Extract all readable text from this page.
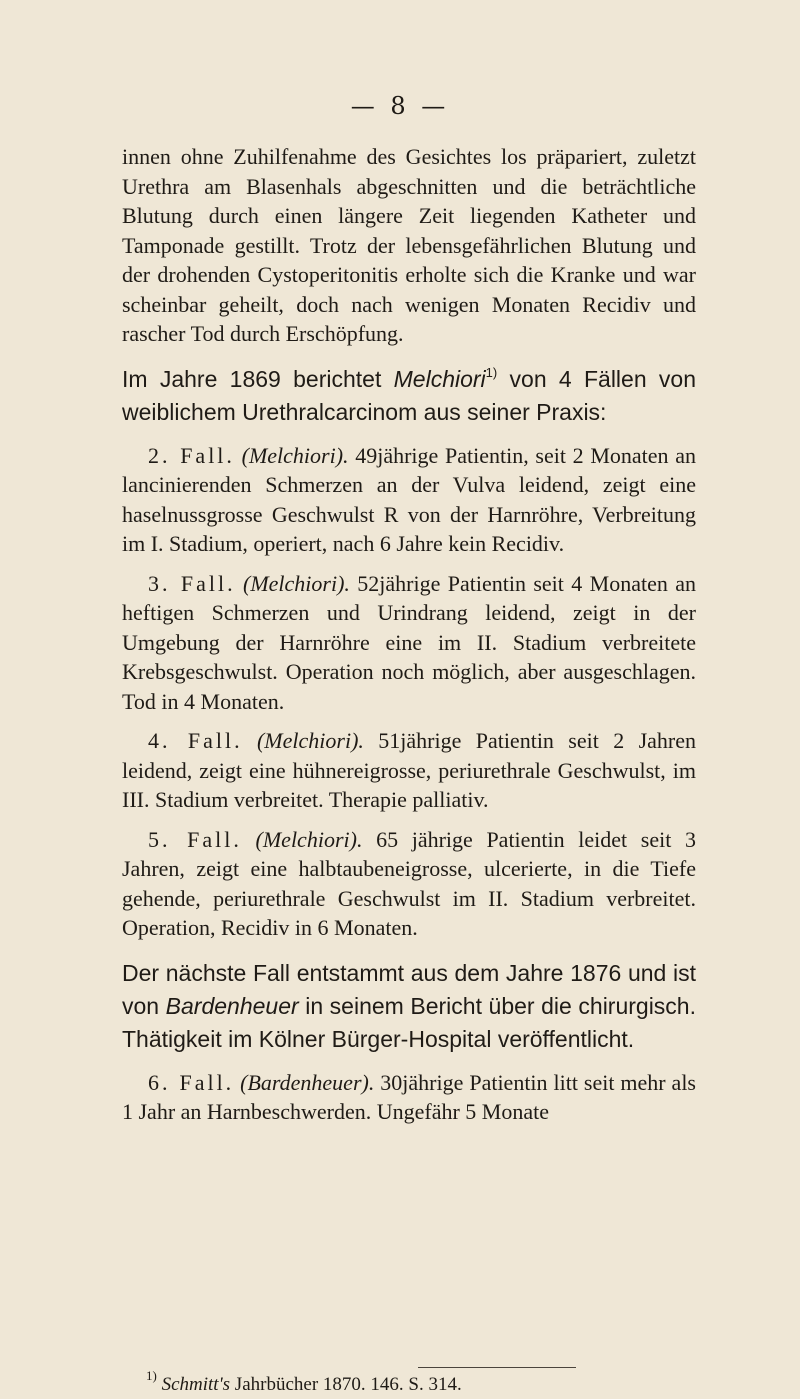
— 8 —

innen ohne Zuhilfenahme des Gesichtes los präpariert, zuletzt Urethra am Blasenhals abgeschnitten und die beträchtliche Blutung durch einen längere Zeit liegenden Katheter und Tamponade gestillt. Trotz der lebensgefährlichen Blutung und der drohenden Cystoperitonitis erholte sich die Kranke und war scheinbar geheilt, doch nach wenigen Monaten Recidiv und rascher Tod durch Erschöpfung.

Im Jahre 1869 berichtet Melchiori$^{1)}$ von 4 Fällen von weiblichem Urethralcarcinom aus seiner Praxis:

2. Fall. (Melchiori). 49jährige Patientin, seit 2 Monaten an lancinierenden Schmerzen an der Vulva leidend, zeigt eine haselnussgrosse Geschwulst R von der Harnröhre, Verbreitung im I. Stadium, operiert, nach 6 Jahre kein Recidiv.

3. Fall. (Melchiori). 52jährige Patientin seit 4 Monaten an heftigen Schmerzen und Urindrang leidend, zeigt in der Umgebung der Harnröhre eine im II. Stadium verbreitete Krebsgeschwulst. Operation noch möglich, aber ausgeschlagen. Tod in 4 Monaten.

4. Fall. (Melchiori). 51jährige Patientin seit 2 Jahren leidend, zeigt eine hühnereigrosse, periurethrale Geschwulst, im III. Stadium verbreitet. Therapie palliativ.

5. Fall. (Melchiori). 65 jährige Patientin leidet seit 3 Jahren, zeigt eine halbtaubeneigrosse, ulcerierte, in die Tiefe gehende, periurethrale Geschwulst im II. Stadium verbreitet. Operation, Recidiv in 6 Monaten.

Der nächste Fall entstammt aus dem Jahre 1876 und ist von Bardenheuer in seinem Bericht über die chirurgisch. Thätigkeit im Kölner Bürger-Hospital veröffentlicht.

6. Fall. (Bardenheuer). 30jährige Patientin litt seit mehr als 1 Jahr an Harnbeschwerden. Ungefähr 5 Monate

$^{1)}$ Schmitt's Jahrbücher 1870. 146. S. 314.
